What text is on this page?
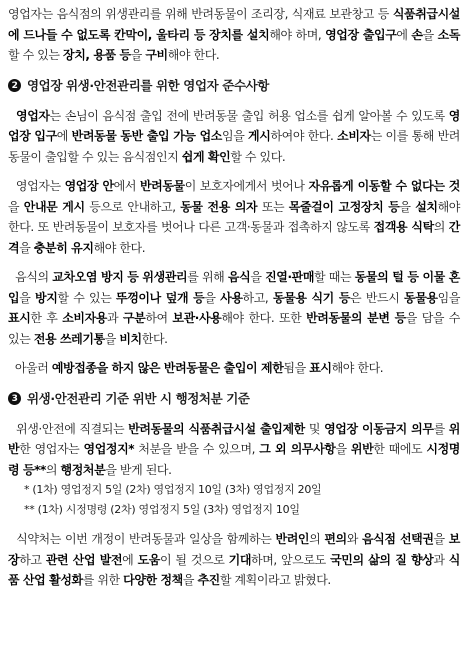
영업자는 음식점의 위생관리를 위해 반려동물이 조리장, 식재료 보관창고 등 식품취급시설에 드나들 수 없도록 칸막이, 울타리 등 장치를 설치해야 하며, 영업장 출입구에 손을 소독할 수 있는 장치, 용품 등을 구비해야 한다.

2 영업장 위생·안전관리를 위한 영업자 준수사항

영업자는 손님이 음식점 출입 전에 반려동물 출입 허용 업소를 쉽게 알아볼 수 있도록 영업장 입구에 반려동물 동반 출입 가능 업소임을 게시하여야 한다. 소비자는 이를 통해 반려동물이 출입할 수 있는 음식점인지 쉽게 확인할 수 있다.

영업자는 영업장 안에서 반려동물이 보호자에게서 벗어나 자유롭게 이동할 수 없다는 것을 안내문 게시 등으로 안내하고, 동물 전용 의자 또는 목줄걸이 고정장치 등을 설치해야 한다. 또 반려동물이 보호자를 벗어나 다른 고객·동물과 접촉하지 않도록 접객용 식탁의 간격을 충분히 유지해야 한다.

음식의 교차오염 방지 등 위생관리를 위해 음식을 진열·판매할 때는 동물의 털 등 이물 혼입을 방지할 수 있는 뚜껑이나 덮개 등을 사용하고, 동물용 식기 등은 반드시 동물용임을 표시한 후 소비자용과 구분하여 보관·사용해야 한다. 또한 반려동물의 분변 등을 담을 수 있는 전용 쓰레기통을 비치한다.

아울러 예방접종을 하지 않은 반려동물은 출입이 제한됨을 표시해야 한다.

3 위생·안전관리 기준 위반 시 행정처분 기준

위생·안전에 직결되는 반려동물의 식품취급시설 출입제한 및 영업장 이동금지 의무를 위반한 영업자는 영업정지* 처분을 받을 수 있으며, 그 외 의무사항을 위반한 때에도 시정명령 등**의 행정처분을 받게 된다.

* (1차) 영업정지 5일 (2차) 영업정지 10일 (3차) 영업정지 20일

** (1차) 시정명령 (2차) 영업정지 5일 (3차) 영업정지 10일

식약처는 이번 개정이 반려동물과 일상을 함께하는 반려인의 편의와 음식점 선택권을 보장하고 관련 산업 발전에 도움이 될 것으로 기대하며, 앞으로도 국민의 삶의 질 향상과 식품 산업 활성화를 위한 다양한 정책을 추진할 계획이라고 밝혔다.
